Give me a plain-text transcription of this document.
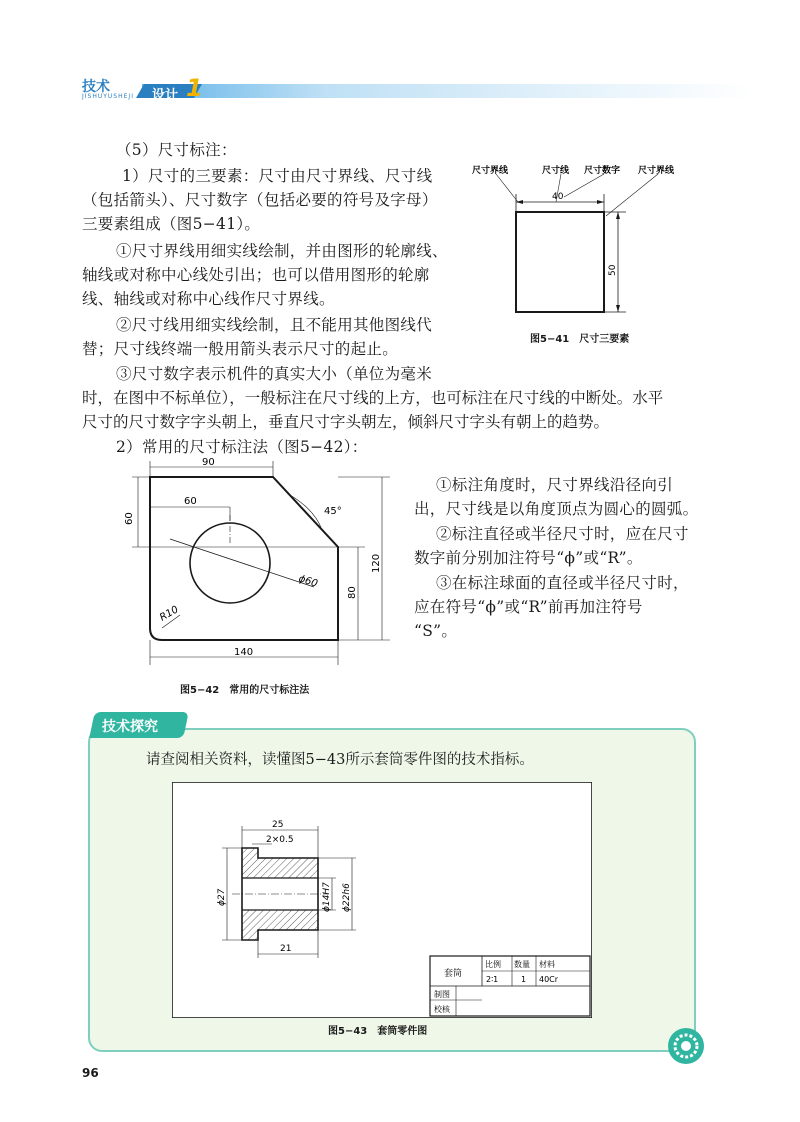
技术
JISHUYUSHEJI 设计 1
（5）尺寸标注：
1）尺寸的三要素：尺寸由尺寸界线、尺寸线
（包括箭头）、尺寸数字（包括必要的符号及字母）
三要素组成（图5−41）。
①尺寸界线用细实线绘制，并由图形的轮廓线、
轴线或对称中心线处引出；也可以借用图形的轮廓
线、轴线或对称中心线作尺寸界线。
②尺寸线用细实线绘制，且不能用其他图线代
替；尺寸线终端一般用箭头表示尺寸的起止。
③尺寸数字表示机件的真实大小（单位为毫米
时，在图中不标单位），一般标注在尺寸线的上方，也可标注在尺寸线的中断处。水平
尺寸的尺寸数字字头朝上，垂直尺寸字头朝左，倾斜尺寸字头有朝上的趋势。
2）常用的尺寸标注法（图5−42）：
①标注角度时，尺寸界线沿径向引
出，尺寸线是以角度顶点为圆心的圆弧。
②标注直径或半径尺寸时，应在尺寸
数字前分别加注符号“ϕ”或“R”。
③在标注球面的直径或半径尺寸时，
应在符号“ϕ”或“R”前再加注符号
“S”。
尺寸界线	尺寸线 尺寸数字 尺寸界线
40
50
图5−41　尺寸三要素
90
60
60
45°
ϕ60
80
120
R10
140
图5−42　常用的尺寸标注法
技术探究
请查阅相关资料，读懂图5−43所示套筒零件图的技术指标。
25
2×0.5
ϕ27	ϕ14H7 ϕ22h6
21
套筒
比例 数量 材料
2∶1	1 40Cr
制图
校核
图5−43　套筒零件图
96
